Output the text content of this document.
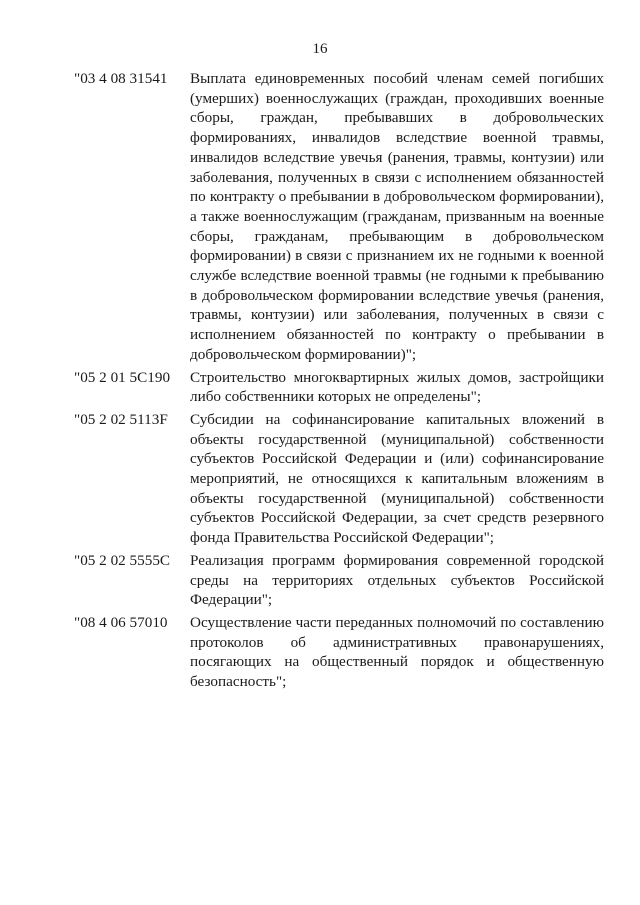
16
"03 4 08 31541	Выплата единовременных пособий членам семей погибших (умерших) военнослужащих (граждан, проходивших военные сборы, граждан, пребывавших в добровольческих формированиях, инвалидов вследствие военной травмы, инвалидов вследствие увечья (ранения, травмы, контузии) или заболевания, полученных в связи с исполнением обязанностей по контракту о пребывании в добровольческом формировании), а также военнослужащим (гражданам, призванным на военные сборы, гражданам, пребывающим в добровольческом формировании) в связи с признанием их не годными к военной службе вследствие военной травмы (не годными к пребыванию в добровольческом формировании вследствие увечья (ранения, травмы, контузии) или заболевания, полученных в связи с исполнением обязанностей по контракту о пребывании в добровольческом формировании)";
"05 2 01 5С190	Строительство многоквартирных жилых домов, застройщики либо собственники которых не определены";
"05 2 02 5113F	Субсидии на софинансирование капитальных вложений в объекты государственной (муниципальной) собственности субъектов Российской Федерации и (или) софинансирование мероприятий, не относящихся к капитальным вложениям в объекты государственной (муниципальной) собственности субъектов Российской Федерации, за счет средств резервного фонда Правительства Российской Федерации";
"05 2 02 5555С	Реализация программ формирования современной городской среды на территориях отдельных субъектов Российской Федерации";
"08 4 06 57010	Осуществление части переданных полномочий по составлению протоколов об административных правонарушениях, посягающих на общественный порядок и общественную безопасность";
